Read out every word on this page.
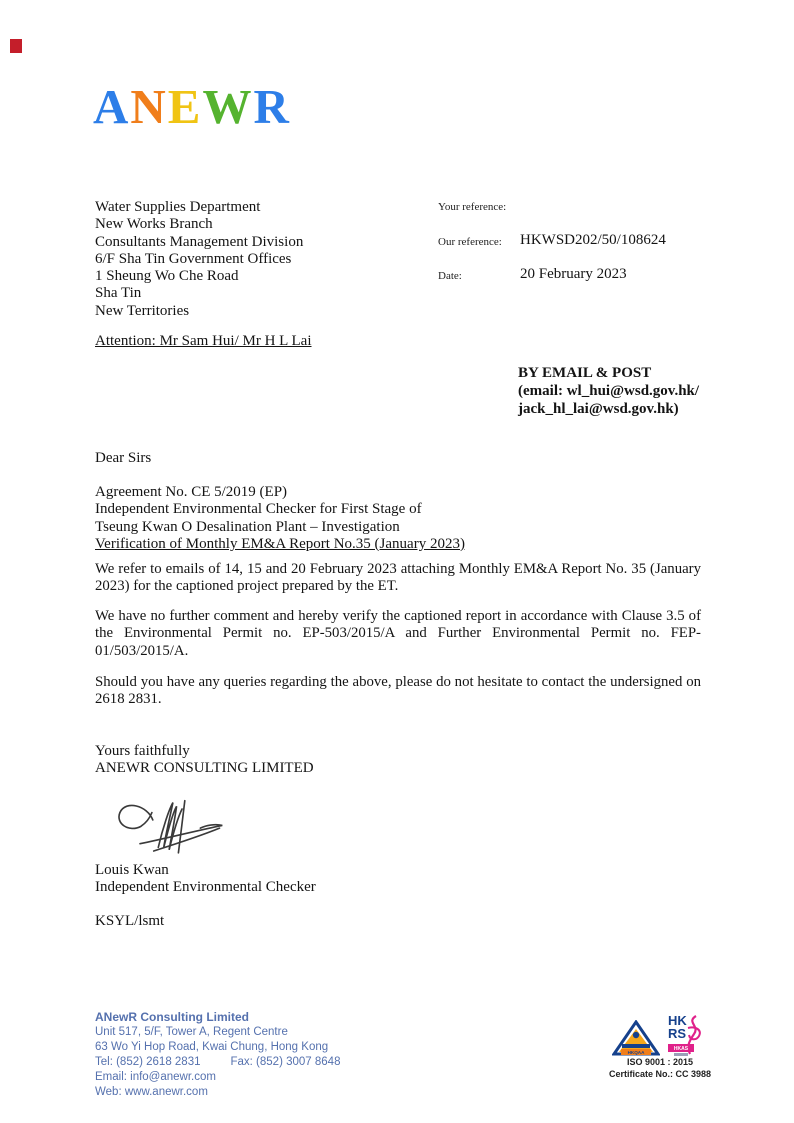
ANEWR
Water Supplies Department
New Works Branch
Consultants Management Division
6/F Sha Tin Government Offices
1 Sheung Wo Che Road
Sha Tin
New Territories
Your reference:
Our reference: HKWSD202/50/108624
Date:	20 February 2023
Attention: Mr Sam Hui/ Mr H L Lai
BY EMAIL & POST
(email: wl_hui@wsd.gov.hk/
jack_hl_lai@wsd.gov.hk)
Dear Sirs
Agreement No. CE 5/2019 (EP)
Independent Environmental Checker for First Stage of
Tseung Kwan O Desalination Plant – Investigation
Verification of Monthly EM&A Report No.35 (January 2023)
We refer to emails of 14, 15 and 20 February 2023 attaching Monthly EM&A Report No. 35 (January 2023) for the captioned project prepared by the ET.
We have no further comment and hereby verify the captioned report in accordance with Clause 3.5 of the Environmental Permit no. EP-503/2015/A and Further Environmental Permit no. FEP-01/503/2015/A.
Should you have any queries regarding the above, please do not hesitate to contact the undersigned on 2618 2831.
Yours faithfully
ANEWR CONSULTING LIMITED
Louis Kwan
Independent Environmental Checker
KSYL/lsmt
ANewR Consulting Limited
Unit 517, 5/F, Tower A, Regent Centre
63 Wo Yi Hop Road, Kwai Chung, Hong Kong
Tel: (852) 2618 2831	Fax: (852) 3007 8648
Email: info@anewr.com
Web: www.anewr.com
HKQAA
HK
RS
HKAS
ISO 9001 : 2015
Certificate No.: CC 3988
